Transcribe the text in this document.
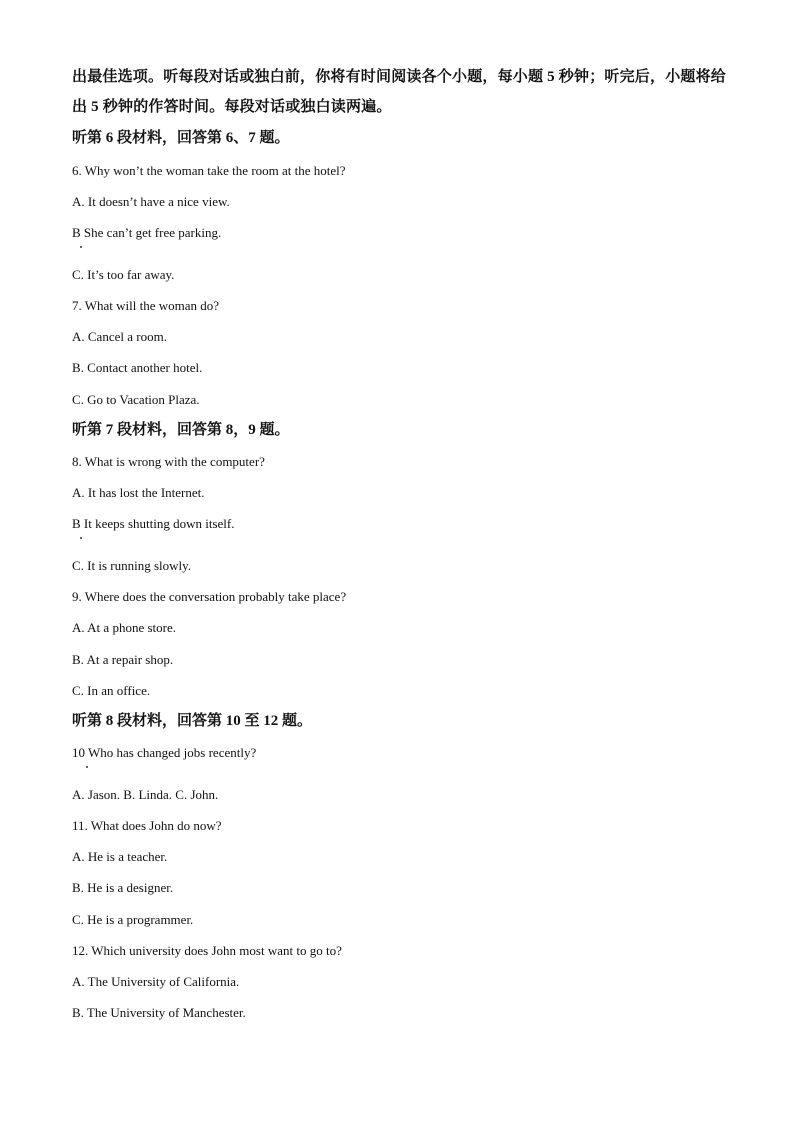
出最佳选项。听每段对话或独白前，你将有时间阅读各个小题，每小题 5 秒钟；听完后，小题将给出 5 秒钟的作答时间。每段对话或独白读两遍。
听第 6 段材料，回答第 6、7 题。
6. Why won’t the woman take the room at the hotel?
A. It doesn’t have a nice view.
B She can’t get free parking.
C. It’s too far away.
7. What will the woman do?
A. Cancel a room.
B. Contact another hotel.
C. Go to Vacation Plaza.
听第 7 段材料，回答第 8，9 题。
8. What is wrong with the computer?
A. It has lost the Internet.
B It keeps shutting down itself.
C. It is running slowly.
9. Where does the conversation probably take place?
A. At a phone store.
B. At a repair shop.
C. In an office.
听第 8 段材料，回答第 10 至 12 题。
10 Who has changed jobs recently?
A. Jason. B. Linda. C. John.
11. What does John do now?
A. He is a teacher.
B. He is a designer.
C. He is a programmer.
12. Which university does John most want to go to?
A. The University of California.
B. The University of Manchester.
